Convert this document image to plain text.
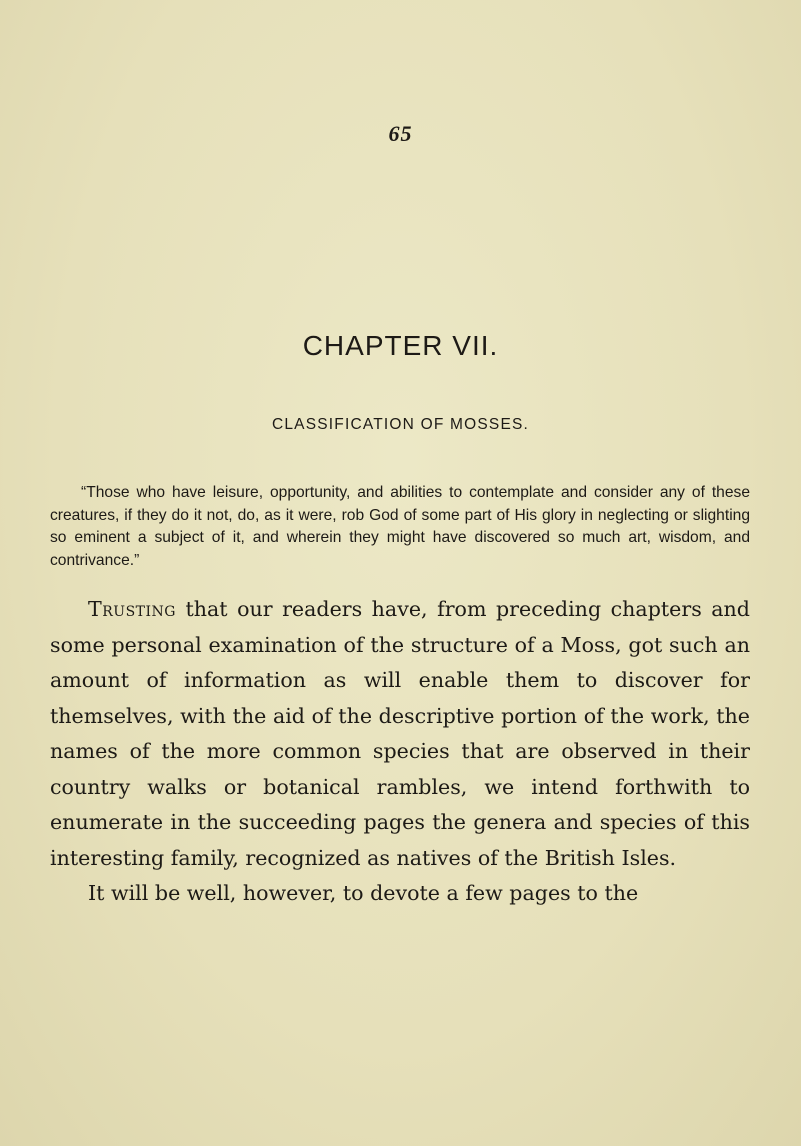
65
CHAPTER VII.
CLASSIFICATION OF MOSSES.

“Those who have leisure, opportunity, and abilities to contemplate and consider any of these creatures, if they do it not, do, as it were, rob God of some part of His glory in neglecting or slighting so eminent a subject of it, and wherein they might have discovered so much art, wisdom, and contrivance.”

Trusting that our readers have, from preceding chapters and some personal examination of the structure of a Moss, got such an amount of information as will enable them to discover for themselves, with the aid of the descriptive portion of the work, the names of the more common species that are observed in their country walks or botanical rambles, we intend forthwith to enumerate in the succeeding pages the genera and species of this interesting family, recognized as natives of the British Isles.

It will be well, however, to devote a few pages to the
